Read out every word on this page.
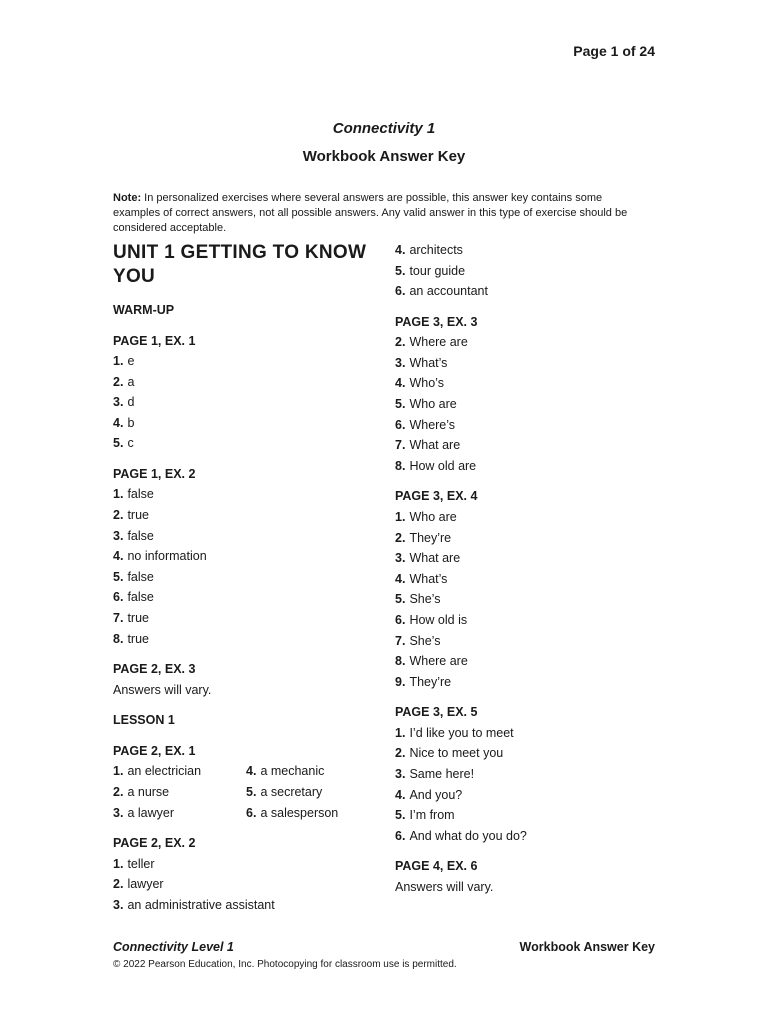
Page 1 of 24
Connectivity 1
Workbook Answer Key
Note: In personalized exercises where several answers are possible, this answer key contains some examples of correct answers, not all possible answers. Any valid answer in this type of exercise should be considered acceptable.
UNIT 1 GETTING TO KNOW YOU
WARM-UP
PAGE 1, EX. 1
1. e
2. a
3. d
4. b
5. c
PAGE 1, EX. 2
1. false
2. true
3. false
4. no information
5. false
6. false
7. true
8. true
PAGE 2, EX. 3
Answers will vary.
LESSON 1
PAGE 2, EX. 1
1. an electrician
2. a nurse
3. a lawyer
4. a mechanic
5. a secretary
6. a salesperson
PAGE 2, EX. 2
1. teller
2. lawyer
3. an administrative assistant
4. architects
5. tour guide
6. an accountant
PAGE 3, EX. 3
2. Where are
3. What’s
4. Who’s
5. Who are
6. Where’s
7. What are
8. How old are
PAGE 3, EX. 4
1. Who are
2. They’re
3. What are
4. What’s
5. She’s
6. How old is
7. She’s
8. Where are
9. They’re
PAGE 3, EX. 5
1. I’d like you to meet
2. Nice to meet you
3. Same here!
4. And you?
5. I’m from
6. And what do you do?
PAGE 4, EX. 6
Answers will vary.
Connectivity Level 1	Workbook Answer Key
© 2022 Pearson Education, Inc. Photocopying for classroom use is permitted.
